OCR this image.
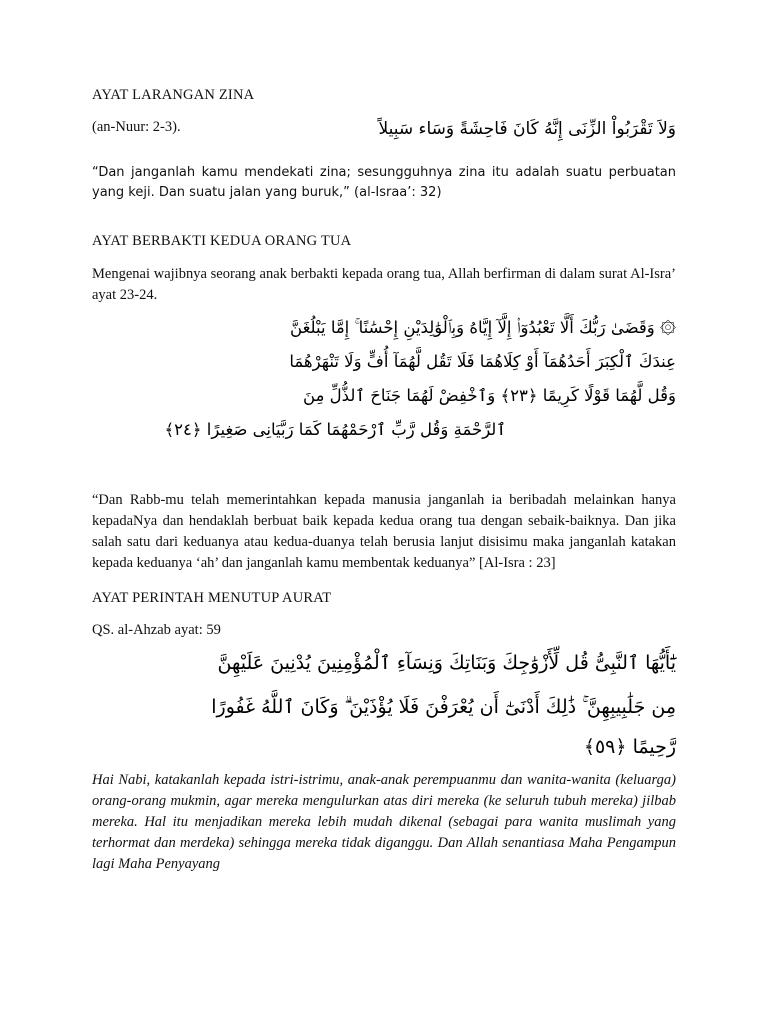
AYAT LARANGAN ZINA
(an-Nuur: 2-3).	وَلاَ تَقْرَبُواْ الزِّنَى إِنَّهُ كَانَ فَاحِشَةً وَسَاء سَبِيلاً
“Dan janganlah kamu mendekati zina; sesungguhnya zina itu adalah suatu perbuatan yang keji. Dan suatu jalan yang buruk,” (al-Israa’: 32)
AYAT BERBAKTI KEDUA ORANG TUA
Mengenai wajibnya seorang anak berbakti kepada orang tua, Allah berfirman di dalam surat Al-Isra’ ayat 23-24.
۞ وَقَضَىٰ رَبُّكَ أَلَّا تَعْبُدُوٓا۟ إِلَّآ إِيَّاهُ وَبِٱلْوَٰلِدَيْنِ إِحْسَٰنًا ۚ إِمَّا يَبْلُغَنَّ
عِندَكَ ٱلْكِبَرَ أَحَدُهُمَآ أَوْ كِلَاهُمَا فَلَا تَقُل لَّهُمَآ أُفٍّ وَلَا تَنْهَرْهُمَا
وَقُل لَّهُمَا قَوْلًا كَرِيمًا ﴿٢٣﴾ وَٱخْفِضْ لَهُمَا جَنَاحَ ٱلذُّلِّ مِنَ
ٱلرَّحْمَةِ وَقُل رَّبِّ ٱرْحَمْهُمَا كَمَا رَبَّيَانِى صَغِيرًا ﴿٢٤﴾
“Dan Rabb-mu telah memerintahkan kepada manusia janganlah ia beribadah melainkan hanya kepadaNya dan hendaklah berbuat baik kepada kedua orang tua dengan sebaik-baiknya. Dan jika salah satu dari keduanya atau kedua-duanya telah berusia lanjut disisimu maka janganlah katakan kepada keduanya ‘ah’ dan janganlah kamu membentak keduanya” [Al-Isra : 23]
AYAT PERINTAH MENUTUP AURAT
QS. al-Ahzab ayat: 59
يَٰٓأَيُّهَا ٱلنَّبِىُّ قُل لِّأَزْوَٰجِكَ وَبَنَاتِكَ وَنِسَآءِ ٱلْمُؤْمِنِينَ يُدْنِينَ عَلَيْهِنَّ
مِن جَلَٰبِيبِهِنَّ ۚ ذَٰلِكَ أَدْنَىٰٓ أَن يُعْرَفْنَ فَلَا يُؤْذَيْنَ ۗ وَكَانَ ٱللَّهُ غَفُورًا
رَّحِيمًا ﴿٥٩﴾
Hai Nabi, katakanlah kepada istri-istrimu, anak-anak perempuanmu dan wanita-wanita (keluarga) orang-orang mukmin, agar mereka mengulurkan atas diri mereka (ke seluruh tubuh mereka) jilbab mereka. Hal itu menjadikan mereka lebih mudah dikenal (sebagai para wanita muslimah yang terhormat dan merdeka) sehingga mereka tidak diganggu. Dan Allah senantiasa Maha Pengampun lagi Maha Penyayang
